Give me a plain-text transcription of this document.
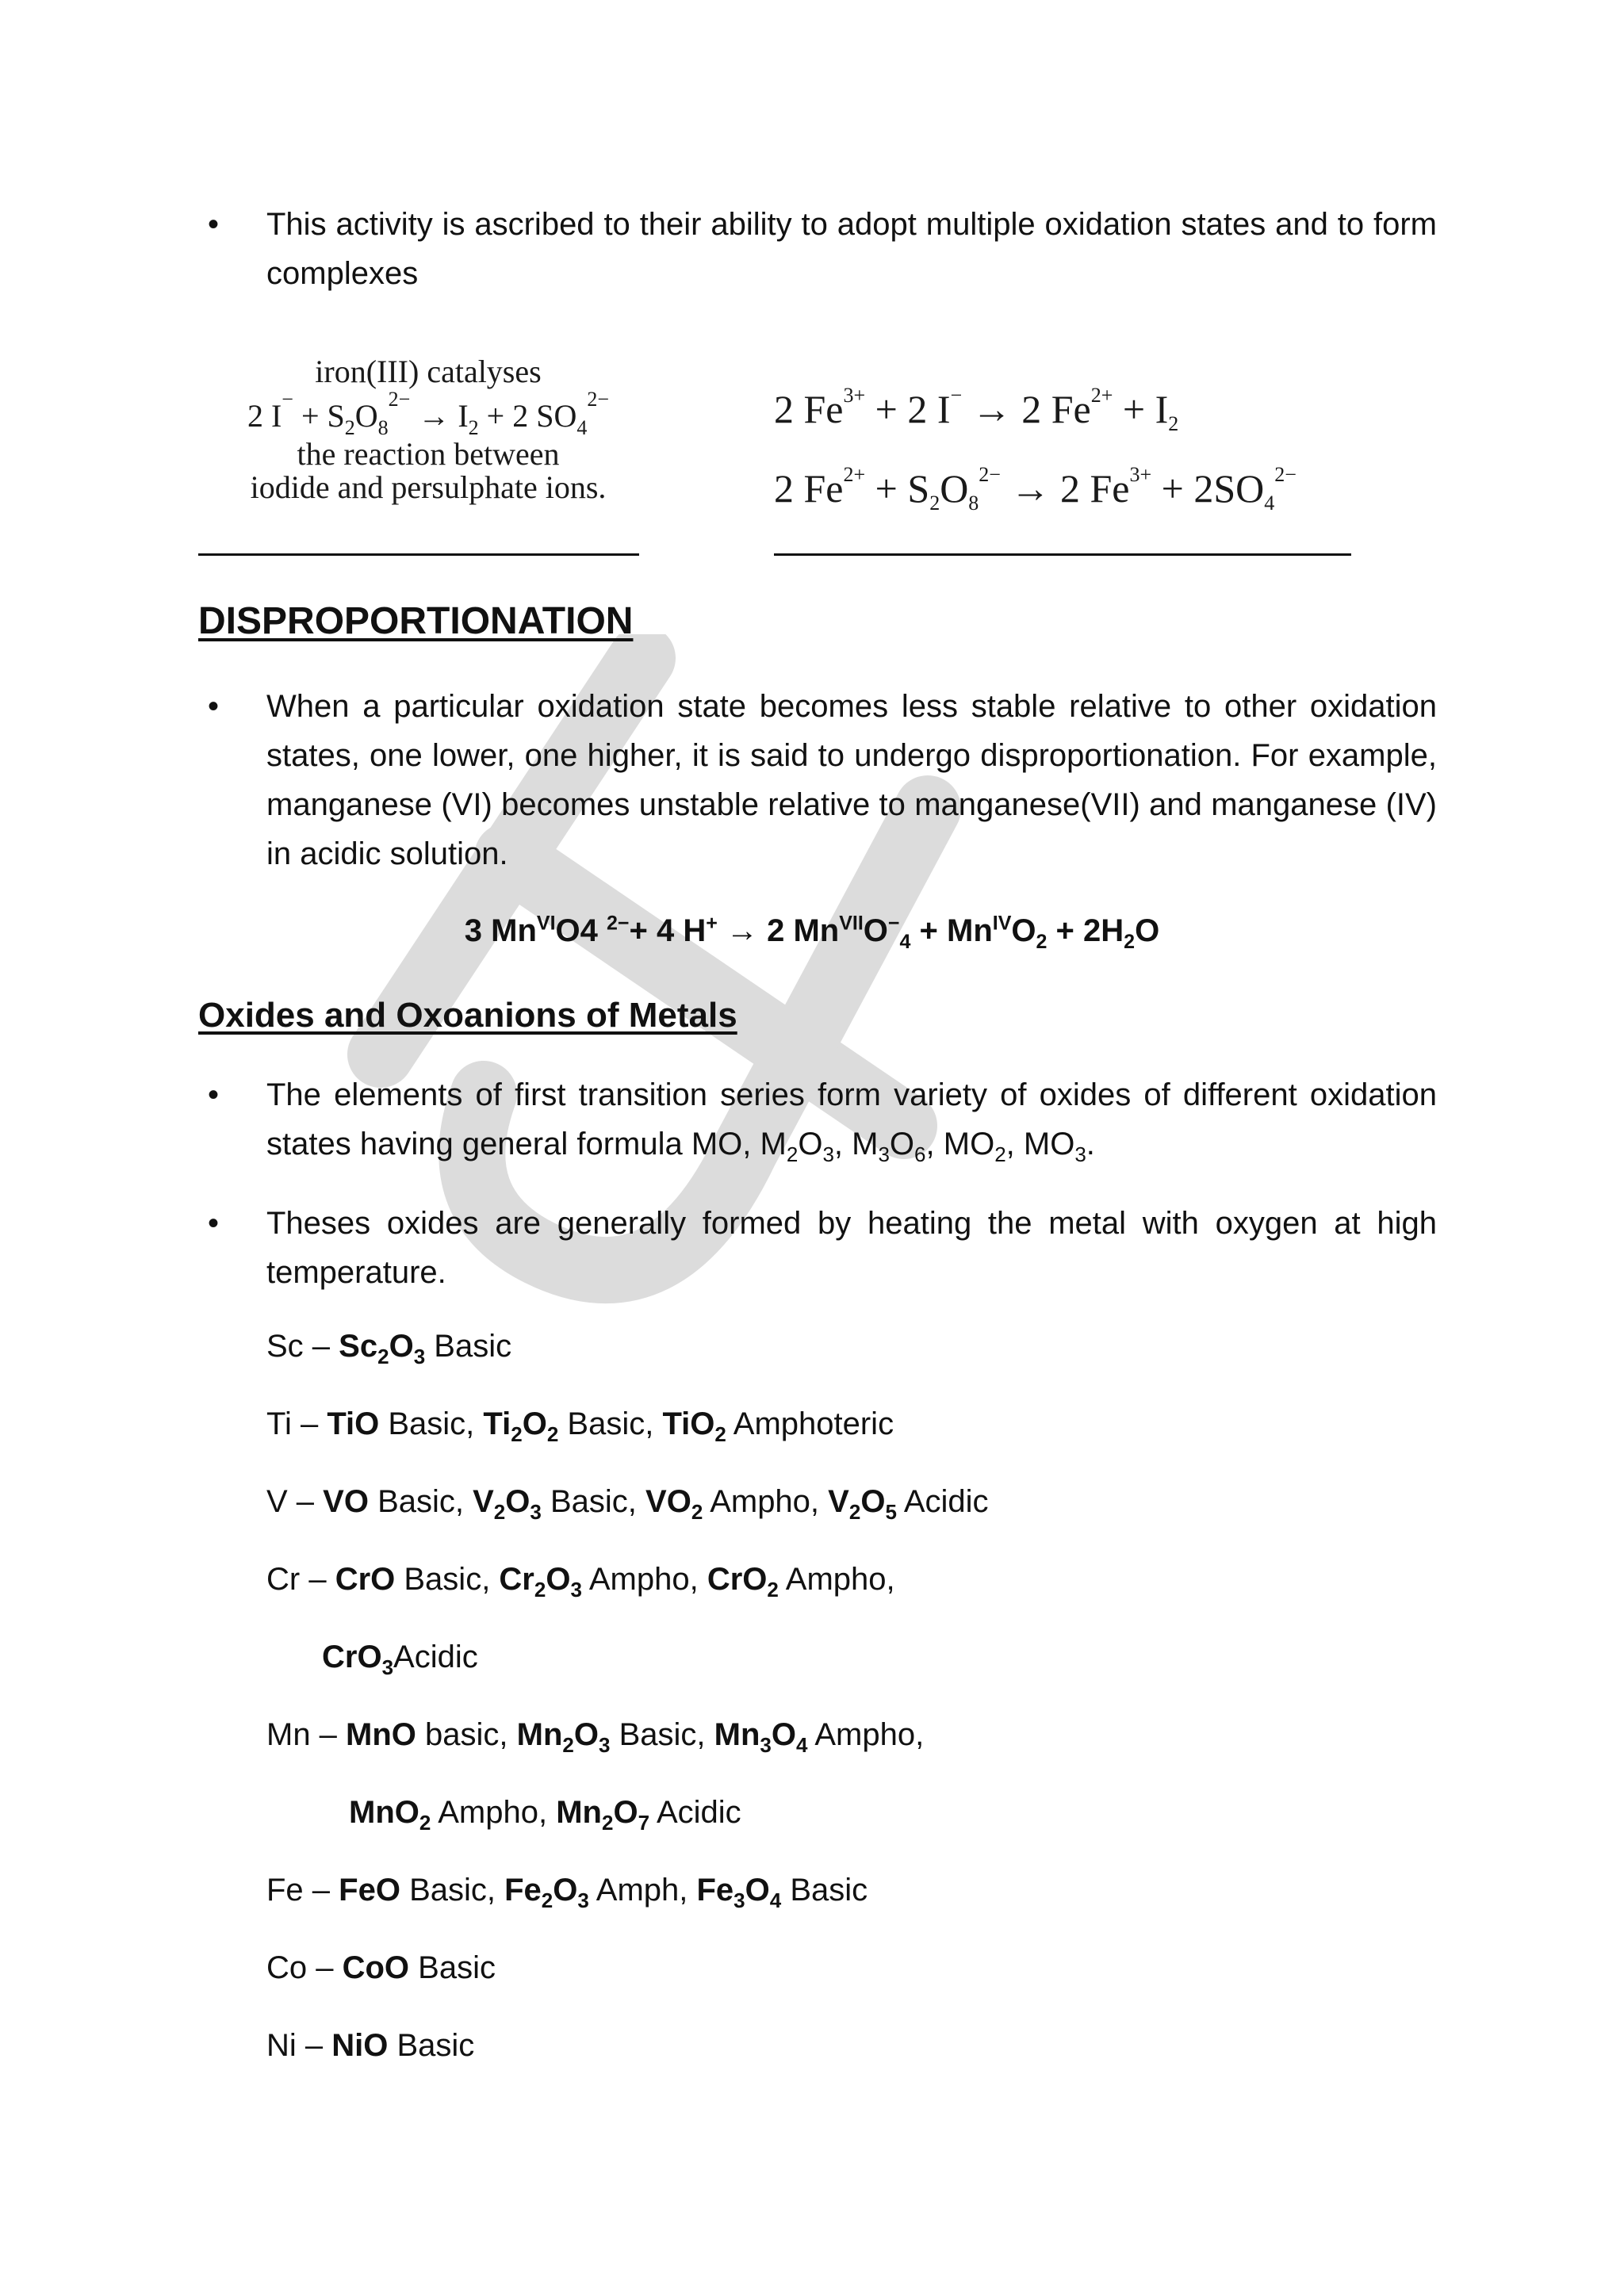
• This activity is ascribed to their ability to adopt multiple oxidation states and to form complexes
iron(III) catalyses
2 $I^- + S_2O_8^{2-} \to I_2 + 2$ $SO_4^{2-}$
the reaction between
iodide and persulphate ions.
2 $Fe^{3+} + 2$ I− → 2 $Fe^{2+} + I_2$
2 $Fe^{2+} + S_2O_8^{2-} \to 2$ $Fe^{3+} + 2SO_4^{2-}$
DISPROPORTIONATION
• When a particular oxidation state becomes less stable relative to other oxidation states, one lower, one higher, it is said to undergo disproportionation. For example, manganese (VI) becomes unstable relative to manganese(VII) and manganese (IV) in acidic solution.
3 $Mn^{VI}O4$ $^{2-}$+ 4 H+ → 2 $Mn^{VII}O^-_4 + Mn^{IV}O_2 + 2H_2O$
Oxides and Oxoanions of Metals
• The elements of first transition series form variety of oxides of different oxidation states having general formula MO, $M_2O_3$, $M_3O_6$, $MO_2$, $MO_3$.
• Theses oxides are generally formed by heating the metal with oxygen at high temperature.
Sc – $Sc_2O_3$ Basic
Ti – TiO Basic, $Ti_2O_2$ Basic, TiO$_2$ Amphoteric
V – VO Basic, $V_2O_3$ Basic, $VO_2$ Ampho, $V_2O_5$ Acidic
Cr – CrO Basic, $Cr_2O_3$ Ampho, CrO$_2$ Ampho,
CrO$_3$Acidic
Mn – MnO basic, $Mn_2O_3$ Basic, $Mn_3O_4$ Ampho,
MnO$_2$ Ampho, $Mn_2O_7$ Acidic
Fe – FeO Basic, $Fe_2O_3$ Amph, $Fe_3O_4$ Basic
Co – CoO Basic
Ni – NiO Basic
